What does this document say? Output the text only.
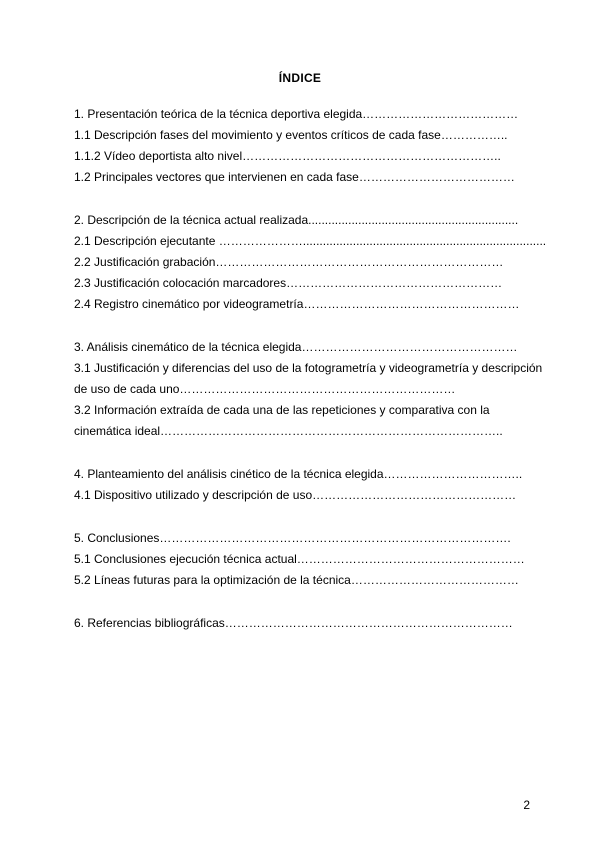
ÍNDICE
1. Presentación teórica de la técnica deportiva elegida…………………………………
1.1 Descripción fases del movimiento y eventos críticos de cada fase……………..
1.1.2 Vídeo deportista alto nivel………………………………………………………..
1.2 Principales vectores que intervienen en cada fase…………………………………
2. Descripción de la técnica actual realizada...............................................................
2.1 Descripción ejecutante ………………….........................................................................
2.2 Justificación grabación………………………………………………………………
2.3 Justificación colocación marcadores………………………………………………
2.4 Registro cinemático por videogrametría………………………………………………
3. Análisis cinemático de la técnica elegida………………………………………………
3.1 Justificación y diferencias del uso de la fotogrametría y videogrametría y descripción de uso de cada uno……………………………………………………………
3.2 Información extraída de cada una de las repeticiones y comparativa con la cinemática ideal…………………………………………………………………………..
4. Planteamiento del análisis cinético de la técnica elegida……………………………..
4.1 Dispositivo utilizado y descripción de uso……………………………………………
5. Conclusiones…………………………………………………………………………….
5.1 Conclusiones ejecución técnica actual…………………………………………………
5.2 Líneas futuras para la optimización de la técnica……………………………………
6. Referencias bibliográficas………………………………………………………………
2
